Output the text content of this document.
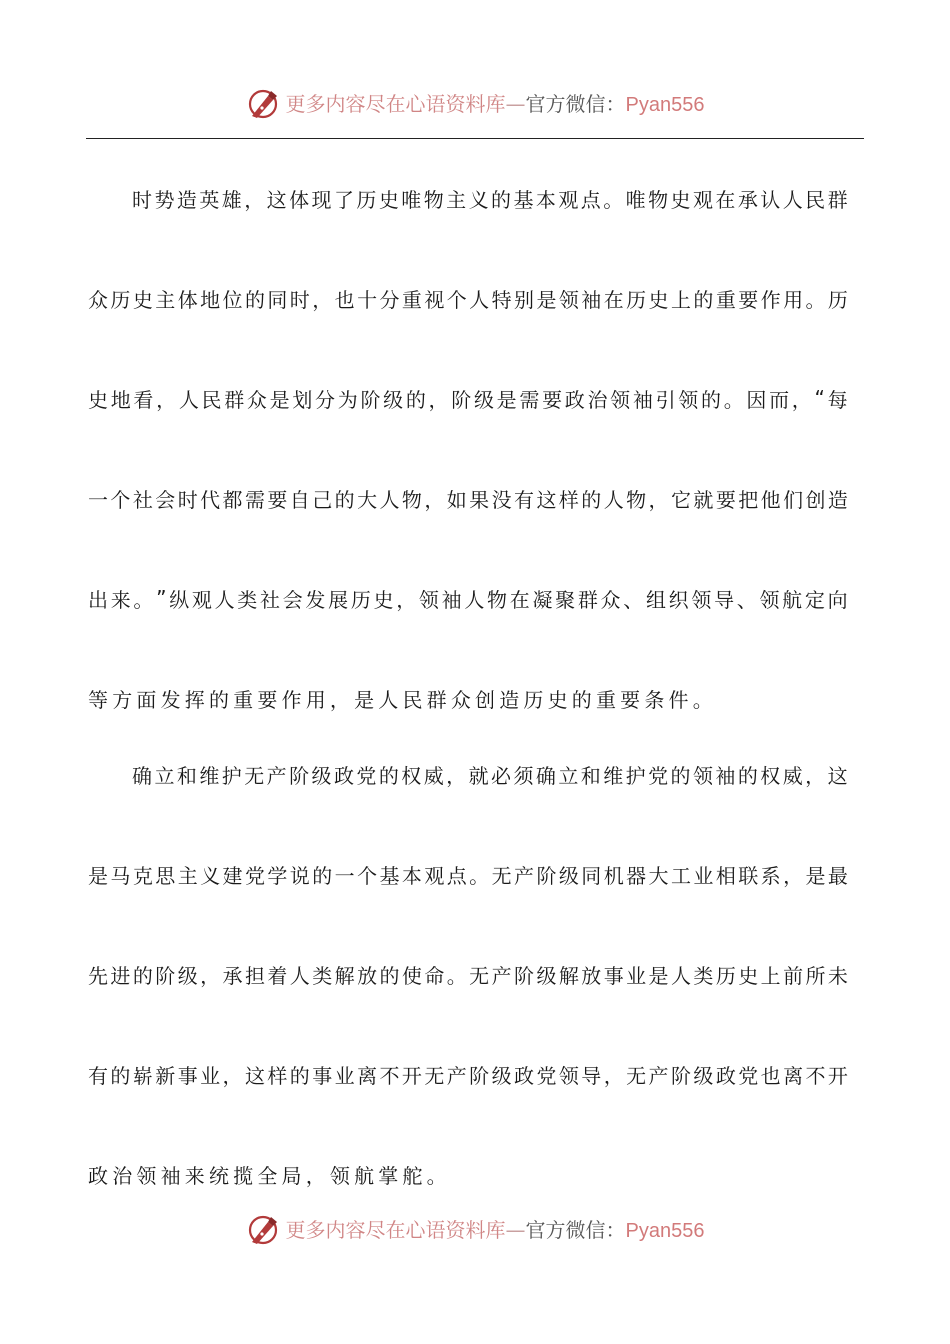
更多内容尽在心语资料库—官方微信：Pyan556
时 势 造 英 雄 ， 这 体 现 了 历 史 唯 物 主 义 的 基 本 观 点 。 唯 物 史 观 在 承 认 人 民 群
众 历 史 主 体 地 位 的 同 时 ， 也 十 分 重 视 个 人 特 别 是 领 袖 在 历 史 上 的 重 要 作 用 。 历
史 地 看 ， 人 民 群 众 是 划 分 为 阶 级 的 ， 阶 级 是 需 要 政 治 领 袖 引 领 的 。 因 而 ， “ 每
一 个 社 会 时 代 都 需 要 自 己 的 大 人 物 ， 如 果 没 有 这 样 的 人 物 ， 它 就 要 把 他 们 创 造
出 来 。 ” 纵 观 人 类 社 会 发 展 历 史 ， 领 袖 人 物 在 凝 聚 群 众 、 组 织 领 导 、 领 航 定 向
等 方 面 发 挥 的 重 要 作 用 ， 是 人 民 群 众 创 造 历 史 的 重 要 条 件 。
确 立 和 维 护 无 产 阶 级 政 党 的 权 威 ， 就 必 须 确 立 和 维 护 党 的 领 袖 的 权 威 ， 这
是 马 克 思 主 义 建 党 学 说 的 一 个 基 本 观 点 。 无 产 阶 级 同 机 器 大 工 业 相 联 系 ， 是 最
先 进 的 阶 级 ， 承 担 着 人 类 解 放 的 使 命 。 无 产 阶 级 解 放 事 业 是 人 类 历 史 上 前 所 未
有 的 崭 新 事 业 ， 这 样 的 事 业 离 不 开 无 产 阶 级 政 党 领 导 ， 无 产 阶 级 政 党 也 离 不 开
政 治 领 袖 来 统 揽 全 局 ， 领 航 掌 舵 。
更多内容尽在心语资料库—官方微信：Pyan556
